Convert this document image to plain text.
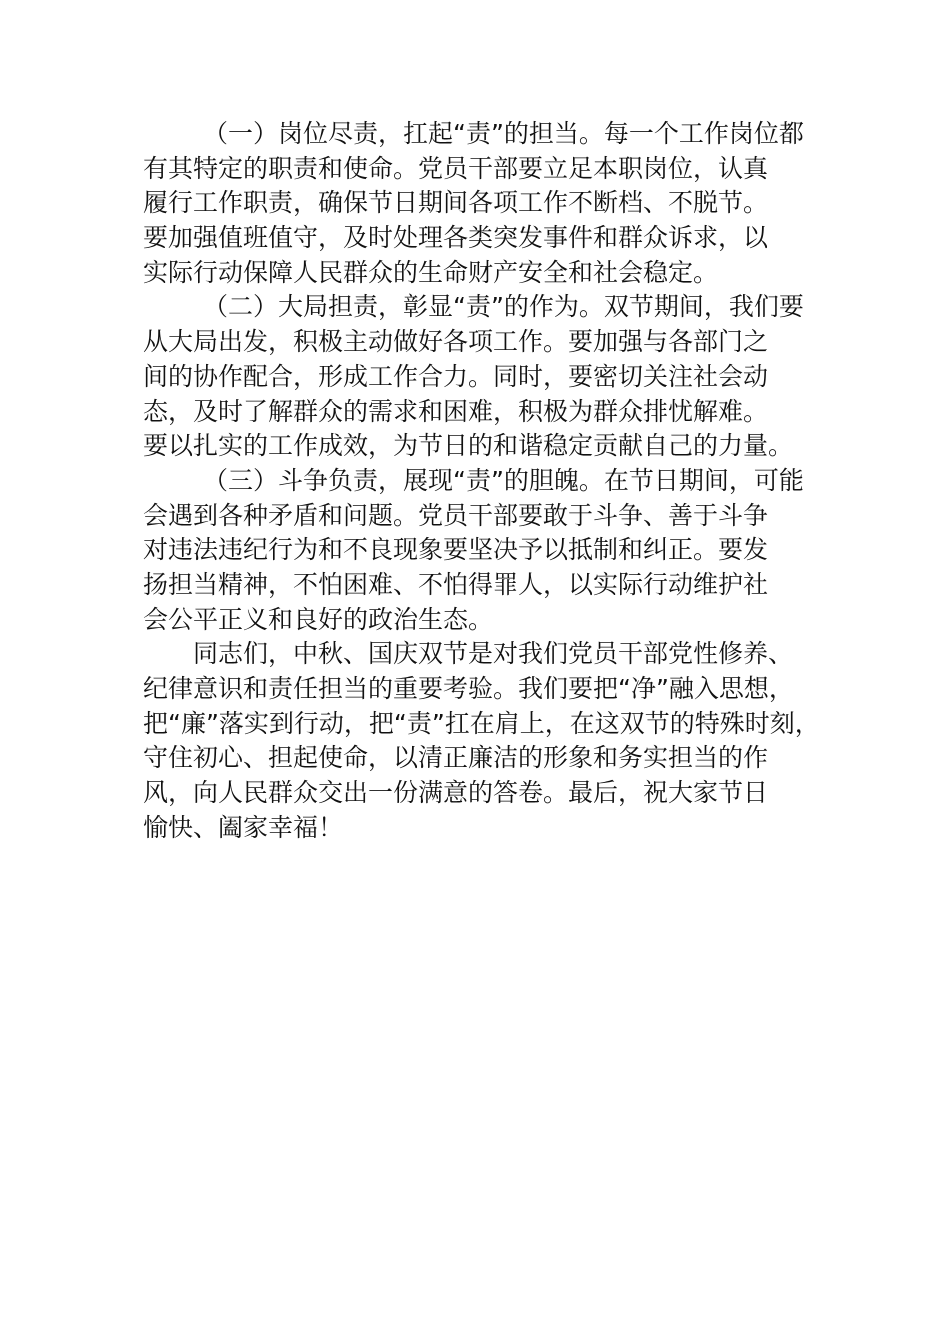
（一）岗位尽责，扛起“责”的担当。每一个工作岗位都
有其特定的职责和使命。党员干部要立足本职岗位，认真
履行工作职责，确保节日期间各项工作不断档、不脱节。
要加强值班值守，及时处理各类突发事件和群众诉求，以
实际行动保障人民群众的生命财产安全和社会稳定。
（二）大局担责，彰显“责”的作为。双节期间，我们要
从大局出发，积极主动做好各项工作。要加强与各部门之
间的协作配合，形成工作合力。同时，要密切关注社会动
态，及时了解群众的需求和困难，积极为群众排忧解难。
要以扎实的工作成效，为节日的和谐稳定贡献自己的力量。
（三）斗争负责，展现“责”的胆魄。在节日期间，可能
会遇到各种矛盾和问题。党员干部要敢于斗争、善于斗争
对违法违纪行为和不良现象要坚决予以抵制和纠正。要发
扬担当精神，不怕困难、不怕得罪人，以实际行动维护社
会公平正义和良好的政治生态。
同志们，中秋、国庆双节是对我们党员干部党性修养、
纪律意识和责任担当的重要考验。我们要把“净”融入思想，
把“廉”落实到行动，把“责”扛在肩上，在这双节的特殊时刻，
守住初心、担起使命，以清正廉洁的形象和务实担当的作
风，向人民群众交出一份满意的答卷。最后，祝大家节日
愉快、阖家幸福！
